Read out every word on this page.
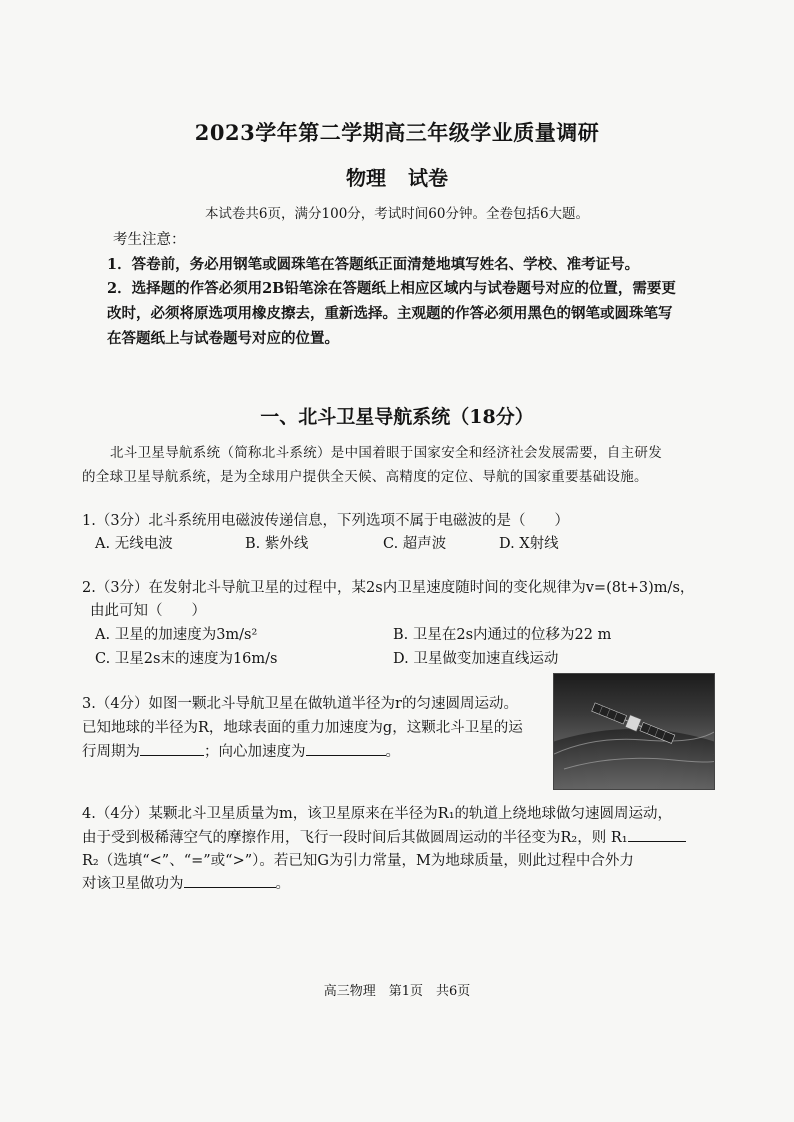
2023学年第二学期高三年级学业质量调研
物理 试卷
本试卷共6页，满分100分，考试时间60分钟。全卷包括6大题。
考生注意：
1．答卷前，务必用钢笔或圆珠笔在答题纸正面清楚地填写姓名、学校、准考证号。
2．选择题的作答必须用2B铅笔涂在答题纸上相应区域内与试卷题号对应的位置，需要更
改时，必须将原选项用橡皮擦去，重新选择。主观题的作答必须用黑色的钢笔或圆珠笔写
在答题纸上与试卷题号对应的位置。
一、北斗卫星导航系统（18分）
北斗卫星导航系统（简称北斗系统）是中国着眼于国家安全和经济社会发展需要，自主研发
的全球卫星导航系统，是为全球用户提供全天候、高精度的定位、导航的国家重要基础设施。
1.（3分）北斗系统用电磁波传递信息，下列选项不属于电磁波的是（　　）
A. 无线电波	B. 紫外线	C. 超声波	D. X射线
2.（3分）在发射北斗导航卫星的过程中，某2s内卫星速度随时间的变化规律为v=(8t+3)m/s，
由此可知（　　）
A. 卫星的加速度为3m/s²	B. 卫星在2s内通过的位移为22 m
C. 卫星2s末的速度为16m/s	D. 卫星做变加速直线运动
3.（4分）如图一颗北斗导航卫星在做轨道半径为r的匀速圆周运动。
已知地球的半径为R，地球表面的重力加速度为g，这颗北斗卫星的运
行周期为	；向心加速度为	。
4.（4分）某颗北斗卫星质量为m，该卫星原来在半径为R₁的轨道上绕地球做匀速圆周运动，
由于受到极稀薄空气的摩擦作用，飞行一段时间后其做圆周运动的半径变为R₂，则 R₁
R₂（选填“<”、“=”或“>”）。若已知G为引力常量，M为地球质量，则此过程中合外力
对该卫星做功为	。
高三物理　第1页　共6页
